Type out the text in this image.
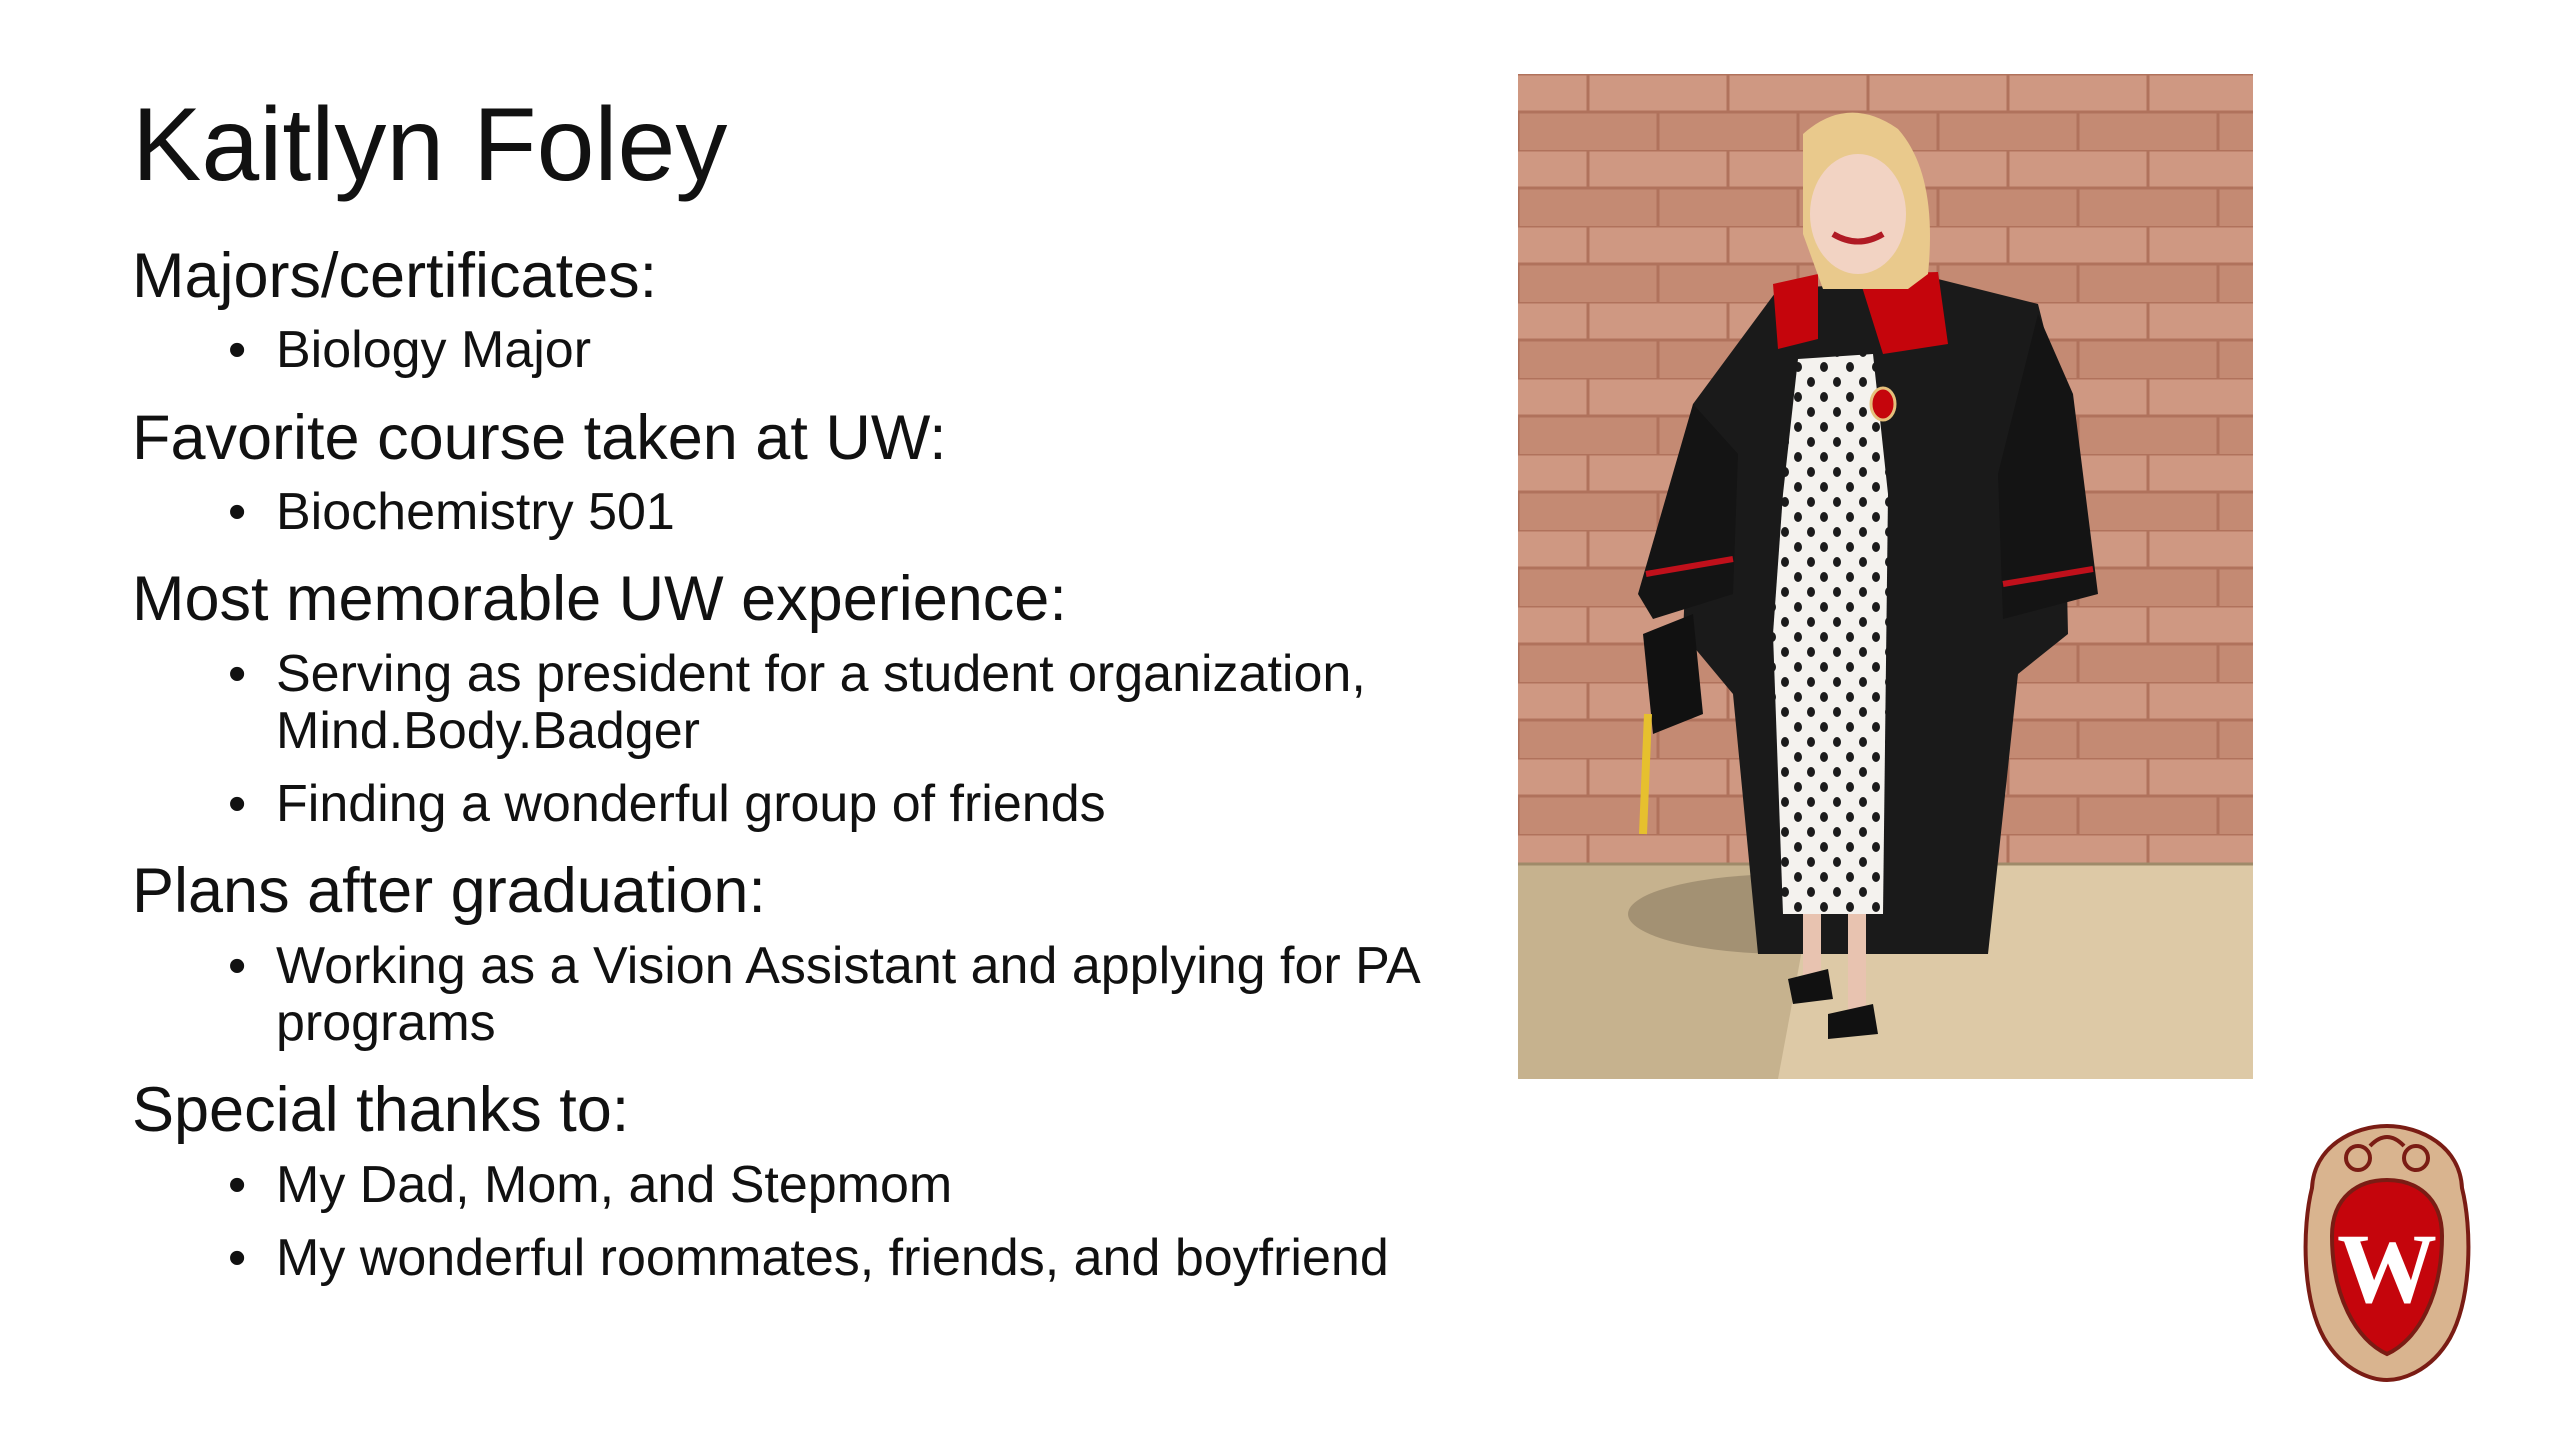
Kaitlyn Foley
Majors/certificates:
• Biology Major
Favorite course taken at UW:
• Biochemistry 501
Most memorable UW experience:
• Serving as president for a student organization, Mind.Body.Badger
• Finding a wonderful group of friends
Plans after graduation:
• Working as a Vision Assistant and applying for PA programs
Special thanks to:
• My Dad, Mom, and Stepmom
• My wonderful roommates, friends, and boyfriend	W
